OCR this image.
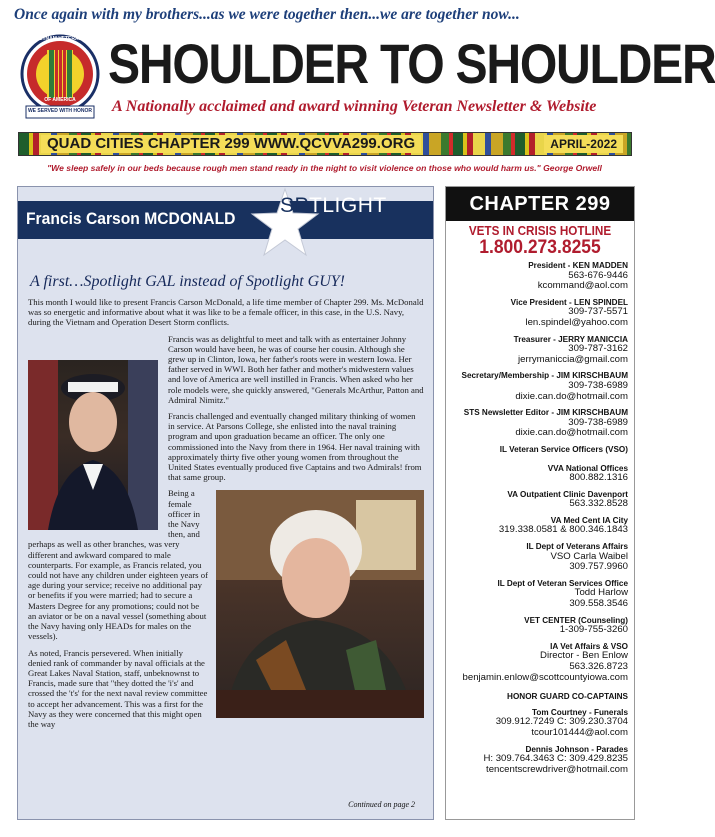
Once again with my brothers...as we were together then...we are together now...
WE SERVED WITH HONOR
VIETNAM VETERANS
OF AMERICA
SHOULDER TO SHOULDER
A Nationally acclaimed and award winning Veteran Newsletter & Website
QUAD CITIES CHAPTER 299 WWW.QCVVA299.ORG	APRIL-2022
"We sleep safely in our beds because rough men stand ready in the night to visit violence on those who would harm us." George Orwell
Francis Carson MCDONALD
SPTLIGHT
A first…Spotlight GAL instead of Spotlight GUY!

This month I would like to present Francis Carson McDonald, a life time member of Chapter 299. Ms. McDonald was so energetic and informative about what it was like to be a female officer, in this case, in the U.S. Navy, during the Vietnam and Operation Desert Storm conflicts.

Francis was as delightful to meet and talk with as entertainer Johnny Carson would have been, he was of course her cousin. Although she grew up in Clinton, Iowa, her father's roots were in western Iowa. Her father served in WWI. Both her father and mother's midwestern values and love of America are well instilled in Francis. When asked who her role models were, she quickly answered, "Generals McArthur, Patton and Admiral Nimitz."

Francis challenged and eventually changed military thinking of women in service. At Parsons College, she enlisted into the naval training program and upon graduation became an officer. The only one commissioned into the Navy from there in 1964. Her naval training with approximately thirty five other young women from throughout the United States eventually produced five Captains and two Admirals! from that same group.

Being a female officer in the Navy then, and perhaps as well as other branches, was very different and awkward compared to male counterparts. For example, as Francis related, you could not have any children under eighteen years of age during your service; receive no additional pay or benefits if you were married; had to secure a Masters Degree for any promotions; could not be an aviator or be on a naval vessel (something about the Navy having only HEADs for males on the vessels).

As noted, Francis persevered. When initially denied rank of commander by naval officials at the Great Lakes Naval Station, staff, unbeknownst to Francis, made sure that "they dotted the 'i's' and crossed the 't's' for the next naval review committee to accept her advancement. This was a first for the Navy as they were concerned that this might open the way

Continued on page 2
CHAPTER 299
VETS IN CRISIS HOTLINE
1.800.273.8255
President - KEN MADDEN
563-676-9446
kcommand@aol.com
Vice President - LEN SPINDEL
309-737-5571
len.spindel@yahoo.com
Treasurer - JERRY MANICCIA
309-787-3162
jerrymaniccia@gmail.com
Secretary/Membership - JIM KIRSCHBAUM
309-738-6989
dixie.can.do@hotmail.com
STS Newsletter Editor - JIM KIRSCHBAUM
309-738-6989
dixie.can.do@hotmail.com
IL Veteran Service Officers (VSO)
VVA National Offices
800.882.1316
VA Outpatient Clinic Davenport
563.332.8528
VA Med Cent IA City
319.338.0581 & 800.346.1843
IL Dept of Veterans Affairs
VSO Carla Waibel
309.757.9960
IL Dept of Veteran Services Office
Todd Harlow
309.558.3546
VET CENTER (Counseling)
1-309-755-3260
IA Vet Affairs & VSO
Director - Ben Enlow
563.326.8723
benjamin.enlow@scottcountyiowa.com
HONOR GUARD CO-CAPTAINS
Tom Courtney - Funerals
309.912.7249 C: 309.230.3704
tcour101444@aol.com
Dennis Johnson - Parades
H: 309.764.3463 C: 309.429.8235
tencentscrewdriver@hotmail.com
